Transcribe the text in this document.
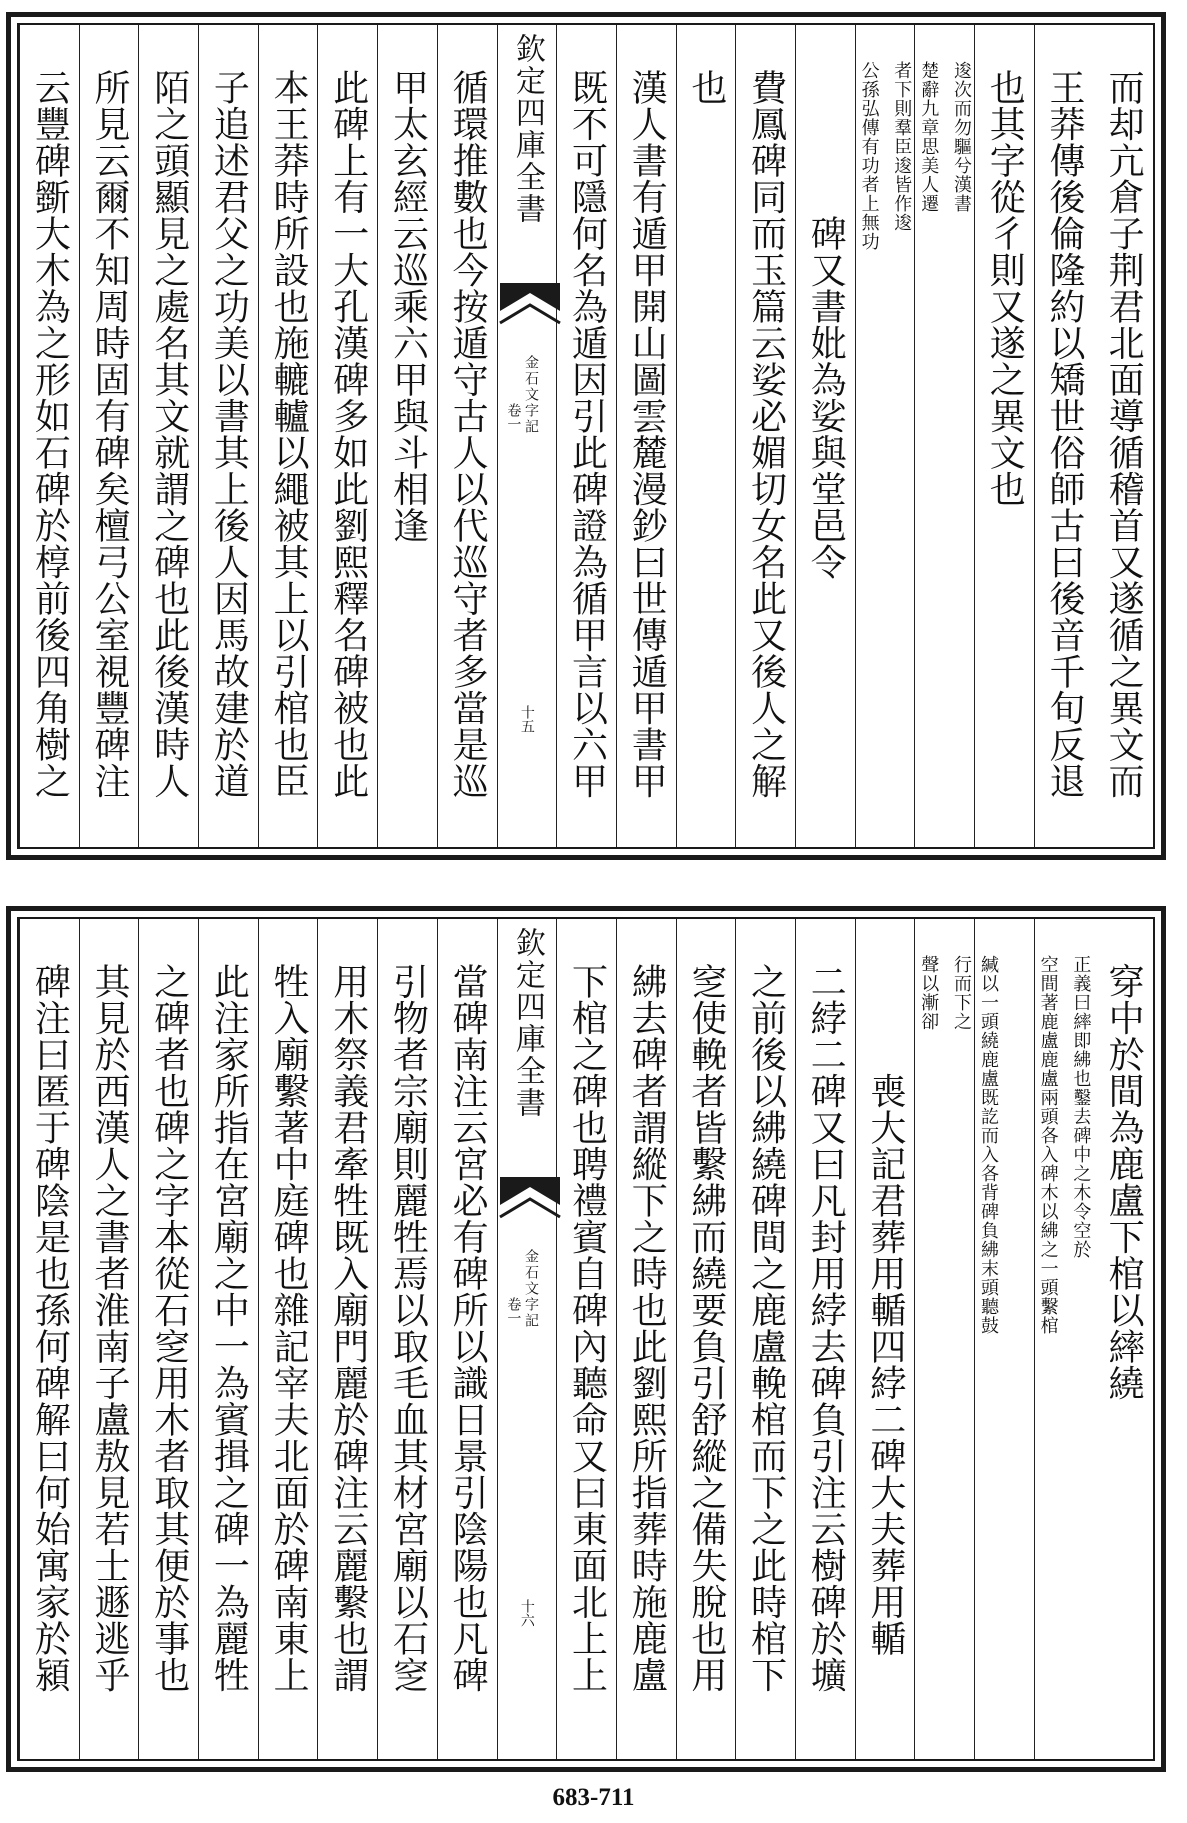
而却亢倉子荆君北面導循稽首又遂循之異文而
王莽傳後倫隆約以矯世俗師古曰後音千旬反退
也其字從彳則又遂之異文也
楚辭九章思美人遷 逡次而勿驅兮漢書
公孫弘傳有功者上無功 者下則羣臣逡皆作逡
　　　　碑又書妣為娑與堂邑令
費鳳碑同而玉篇云娑必媚切女名此又後人之解
也
漢人書有遁甲開山圖雲麓漫鈔曰世傳遁甲書甲
既不可隱何名為遁因引此碑證為循甲言以六甲
欽定四庫全書
金石文字記
卷一
十五
循環推數也今按遁守古人以代巡守者多當是巡
甲太玄經云巡乘六甲與斗相逢
此碑上有一大孔漢碑多如此劉熙釋名碑被也此
本王莽時所設也施轆轤以繩被其上以引棺也臣
子追述君父之功美以書其上後人因馬故建於道
陌之頭顯見之處名其文就謂之碑也此後漢時人
所見云爾不知周時固有碑矣檀弓公室視豐碑注
云豐碑斵大木為之形如石碑於椁前後四角樹之
穿中於間為鹿盧下棺以繂繞
空間著鹿盧鹿盧兩頭各入碑木以紼之一頭繫棺 正義曰繂即紼也鑿去碑中之木令空於
緘以一頭繞鹿盧既訖而入各背碑負紼末頭聽鼓
聲以漸卻 行而下之
　　　喪大記君葬用輴四綍二碑大夫葬用輴
二綍二碑又曰凡封用綍去碑負引注云樹碑於壙
之前後以紼繞碑間之鹿盧輓棺而下之此時棺下
窆使輓者皆繫紼而繞要負引舒縱之備失脫也用
紼去碑者謂縱下之時也此劉熙所指葬時施鹿盧
下棺之碑也聘禮賓自碑內聽命又曰東面北上上
欽定四庫全書
金石文字記
卷一
十六
當碑南注云宮必有碑所以識日景引陰陽也凡碑
引物者宗廟則麗牲焉以取毛血其材宮廟以石窆
用木祭義君牽牲既入廟門麗於碑注云麗繫也謂
牲入廟繫著中庭碑也雜記宰夫北面於碑南東上
此注家所指在宮廟之中一為賓揖之碑一為麗牲
之碑者也碑之字本從石窆用木者取其便於事也
其見於西漢人之書者淮南子盧敖見若士遯逃乎
碑注曰匿于碑陰是也孫何碑解曰何始寓家於潁
683-711
